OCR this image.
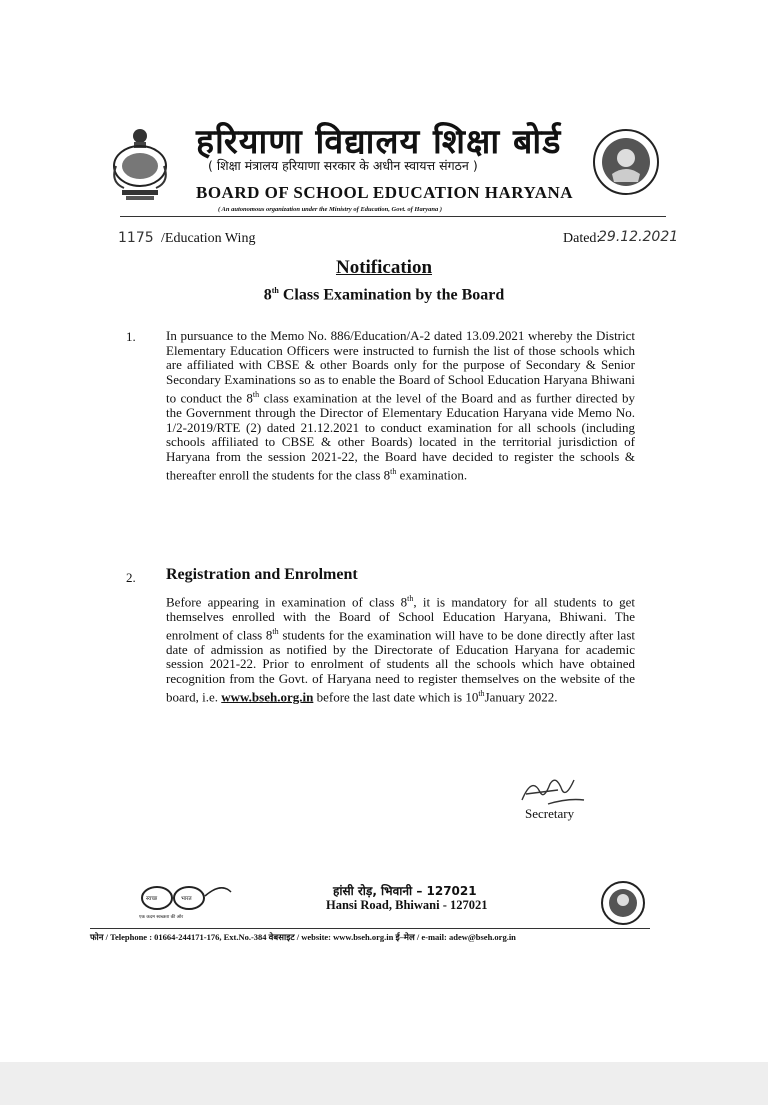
हरियाणा विद्यालय शिक्षा बोर्ड
( शिक्षा मंत्रालय हरियाणा सरकार के अधीन स्वायत्त संगठन )
BOARD OF SCHOOL EDUCATION HARYANA
( An autonomous organization under the Ministry of Education, Govt. of Haryana )
1175 /Education Wing	Dated:
29.12.2021
Notification
8th Class Examination by the Board
1. In pursuance to the Memo No. 886/Education/A-2 dated 13.09.2021 whereby the District Elementary Education Officers were instructed to furnish the list of those schools which are affiliated with CBSE & other Boards only for the purpose of Secondary & Senior Secondary Examinations so as to enable the Board of School Education Haryana Bhiwani to conduct the 8th class examination at the level of the Board and as further directed by the Government through the Director of Elementary Education Haryana vide Memo No. 1/2-2019/RTE (2) dated 21.12.2021 to conduct examination for all schools (including schools affiliated to CBSE & other Boards) located in the territorial jurisdiction of Haryana from the session 2021-22, the Board have decided to register the schools & thereafter enroll the students for the class 8th examination.
2. Registration and Enrolment
Before appearing in examination of class 8th, it is mandatory for all students to get themselves enrolled with the Board of School Education Haryana, Bhiwani. The enrolment of class 8th students for the examination will have to be done directly after last date of admission as notified by the Directorate of Education Haryana for academic session 2021-22. Prior to enrolment of students all the schools which have obtained recognition from the Govt. of Haryana need to register themselves on the website of the board, i.e. www.bseh.org.in before the last date which is 10thJanuary 2022.
Secretary
स्वच्छ	भारत
एक कदम स्वच्छता की ओर
हांसी रोड़, भिवानी – 127021
Hansi Road, Bhiwani - 127021
फोन / Telephone : 01664-244171-176, Ext.No.-384 वेबसाइट / website: www.bseh.org.in ई–मेल / e-mail: adew@bseh.org.in
